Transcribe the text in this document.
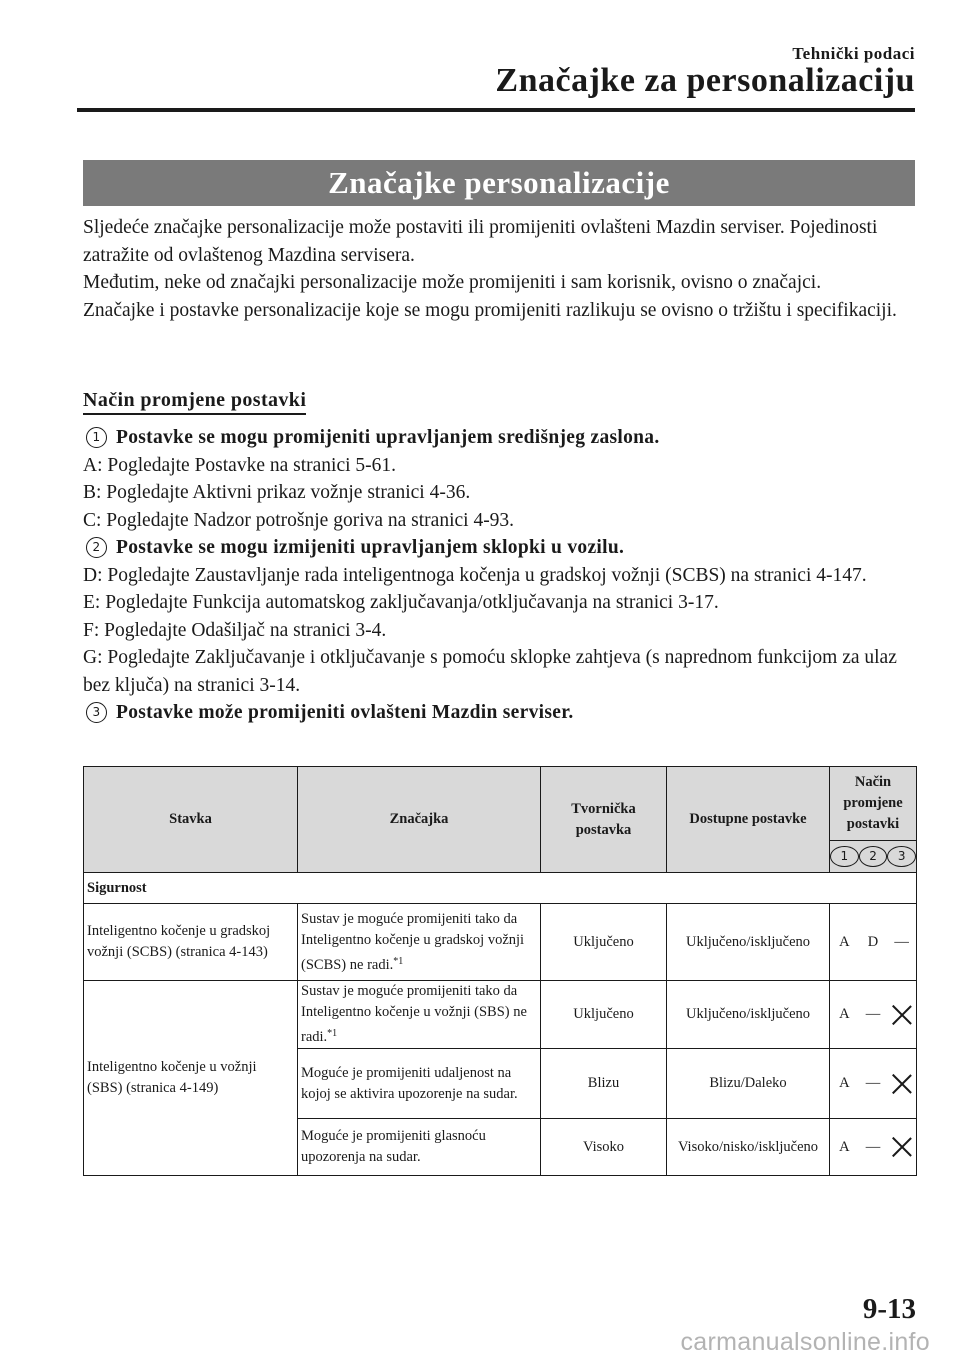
Tehnički podaci
Značajke za personalizaciju
Značajke personalizacije

Sljedeće značajke personalizacije može postaviti ili promijeniti ovlašteni Mazdin serviser. Pojedinosti zatražite od ovlaštenog Mazdina servisera.

Međutim, neke od značajki personalizacije može promijeniti i sam korisnik, ovisno o značajci.

Značajke i postavke personalizacije koje se mogu promijeniti razlikuju se ovisno o tržištu i specifikaciji.

Način promjene postavki

1 Postavke se mogu promijeniti upravljanjem središnjeg zaslona.

A: Pogledajte Postavke na stranici 5-61.

B: Pogledajte Aktivni prikaz vožnje stranici 4-36.

C: Pogledajte Nadzor potrošnje goriva na stranici 4-93.

2 Postavke se mogu izmijeniti upravljanjem sklopki u vozilu.

D: Pogledajte Zaustavljanje rada inteligentnoga kočenja u gradskoj vožnji (SCBS) na stranici 4-147.

E: Pogledajte Funkcija automatskog zaključavanja/otključavanja na stranici 3-17.

F: Pogledajte Odašiljač na stranici 3-4.

G: Pogledajte Zaključavanje i otključavanje s pomoću sklopke zahtjeva (s naprednom funkcijom za ulaz bez ključa) na stranici 3-14.

3 Postavke može promijeniti ovlašteni Mazdin serviser.

Stavka	Značajka	Tvornička postavka	Dostupne postavke	Način promjene postavki

				1 2 3

Sigurnost				
Inteligentno kočenje u gradskoj vožnji (SCBS) (stranica 4-143)	Sustav je moguće promijeniti tako da Inteligentno kočenje u gradskoj vožnji (SCBS) ne radi.$^{*1}$	Uključeno	Uključeno/isključeno	A D —

Inteligentno kočenje u vožnji (SBS) (stranica 4-149)	Sustav je moguće promijeniti tako da Inteligentno kočenje u vožnji (SBS) ne radi.$^{*1}$	Uključeno	Uključeno/isključeno	A —

	Moguće je promijeniti udaljenost na kojoj se aktivira upozorenje na sudar.	Blizu	Blizu/Daleko	A —

	Moguće je promijeniti glasnoću upozorenja na sudar.	Visoko	Visoko/nisko/isključeno	A —
9-13
carmanualsonline.info
